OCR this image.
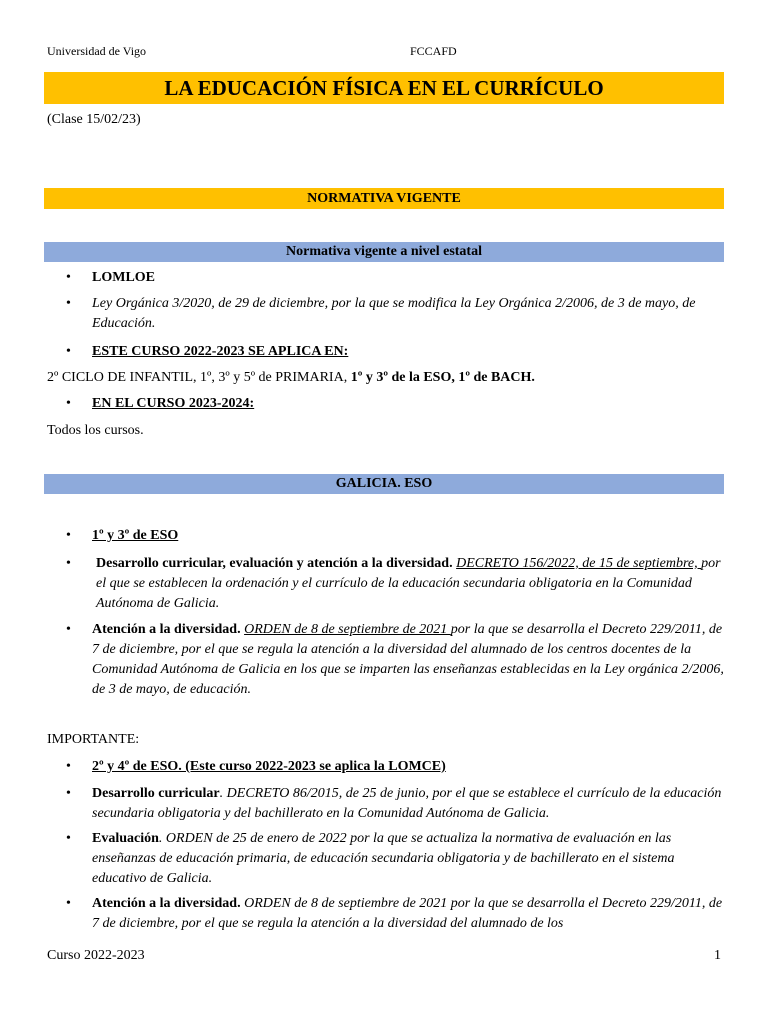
Universidad de Vigo	FCCAFD
LA EDUCACIÓN FÍSICA EN EL CURRÍCULO
(Clase 15/02/23)
NORMATIVA VIGENTE
Normativa vigente a nivel estatal
• LOMLOE
• Ley Orgánica 3/2020, de 29 de diciembre, por la que se modifica la Ley Orgánica 2/2006, de 3 de mayo, de Educación.
• ESTE CURSO 2022-2023 SE APLICA EN:
2º CICLO DE INFANTIL, 1º, 3º y 5º de PRIMARIA, 1º y 3º de la ESO, 1º de BACH.
• EN EL CURSO 2023-2024:
Todos los cursos.
GALICIA. ESO
• 1º y 3º de ESO
• Desarrollo curricular, evaluación y atención a la diversidad. DECRETO 156/2022, de 15 de septiembre, por el que se establecen la ordenación y el currículo de la educación secundaria obligatoria en la Comunidad Autónoma de Galicia.
• Atención a la diversidad. ORDEN de 8 de septiembre de 2021 por la que se desarrolla el Decreto 229/2011, de 7 de diciembre, por el que se regula la atención a la diversidad del alumnado de los centros docentes de la Comunidad Autónoma de Galicia en los que se imparten las enseñanzas establecidas en la Ley orgánica 2/2006, de 3 de mayo, de educación.
IMPORTANTE:
• 2º y 4º de ESO. (Este curso 2022-2023 se aplica la LOMCE)
• Desarrollo curricular. DECRETO 86/2015, de 25 de junio, por el que se establece el currículo de la educación secundaria obligatoria y del bachillerato en la Comunidad Autónoma de Galicia.
• Evaluación. ORDEN de 25 de enero de 2022 por la que se actualiza la normativa de evaluación en las enseñanzas de educación primaria, de educación secundaria obligatoria y de bachillerato en el sistema educativo de Galicia.
• Atención a la diversidad. ORDEN de 8 de septiembre de 2021 por la que se desarrolla el Decreto 229/2011, de 7 de diciembre, por el que se regula la atención a la diversidad del alumnado de los
Curso 2022-2023	1
